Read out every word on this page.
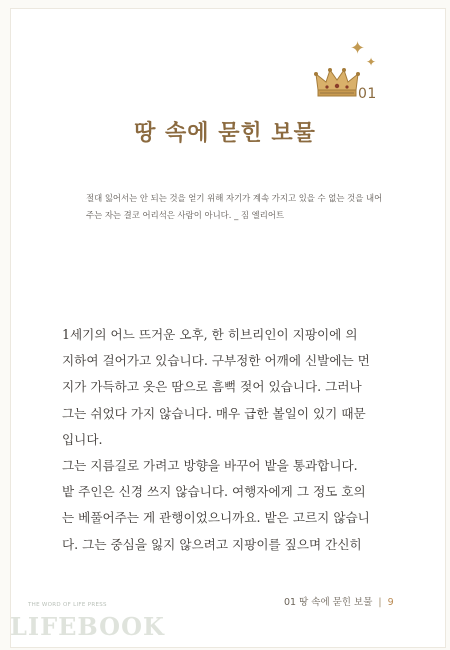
✦
✦
01
땅 속에 묻힌 보물
절대 잃어서는 안 되는 것을 얻기 위해 자기가 계속 가지고 있을 수 없는 것을 내어
주는 자는 결코 어리석은 사람이 아니다. _ 짐 엘리어트
1세기의 어느 뜨거운 오후, 한 히브리인이 지팡이에 의
지하여 걸어가고 있습니다. 구부정한 어깨에 신발에는 먼
지가 가득하고 옷은 땀으로 흠뻑 젖어 있습니다. 그러나
그는 쉬었다 가지 않습니다. 매우 급한 볼일이 있기 때문
입니다.
그는 지름길로 가려고 방향을 바꾸어 밭을 통과합니다.
밭 주인은 신경 쓰지 않습니다. 여행자에게 그 정도 호의
는 베풀어주는 게 관행이었으니까요. 밭은 고르지 않습니
다. 그는 중심을 잃지 않으려고 지팡이를 짚으며 간신히
01 땅 속에 묻힌 보물 | 9
THE WORD OF LIFE PRESS
LIFEBOOK
